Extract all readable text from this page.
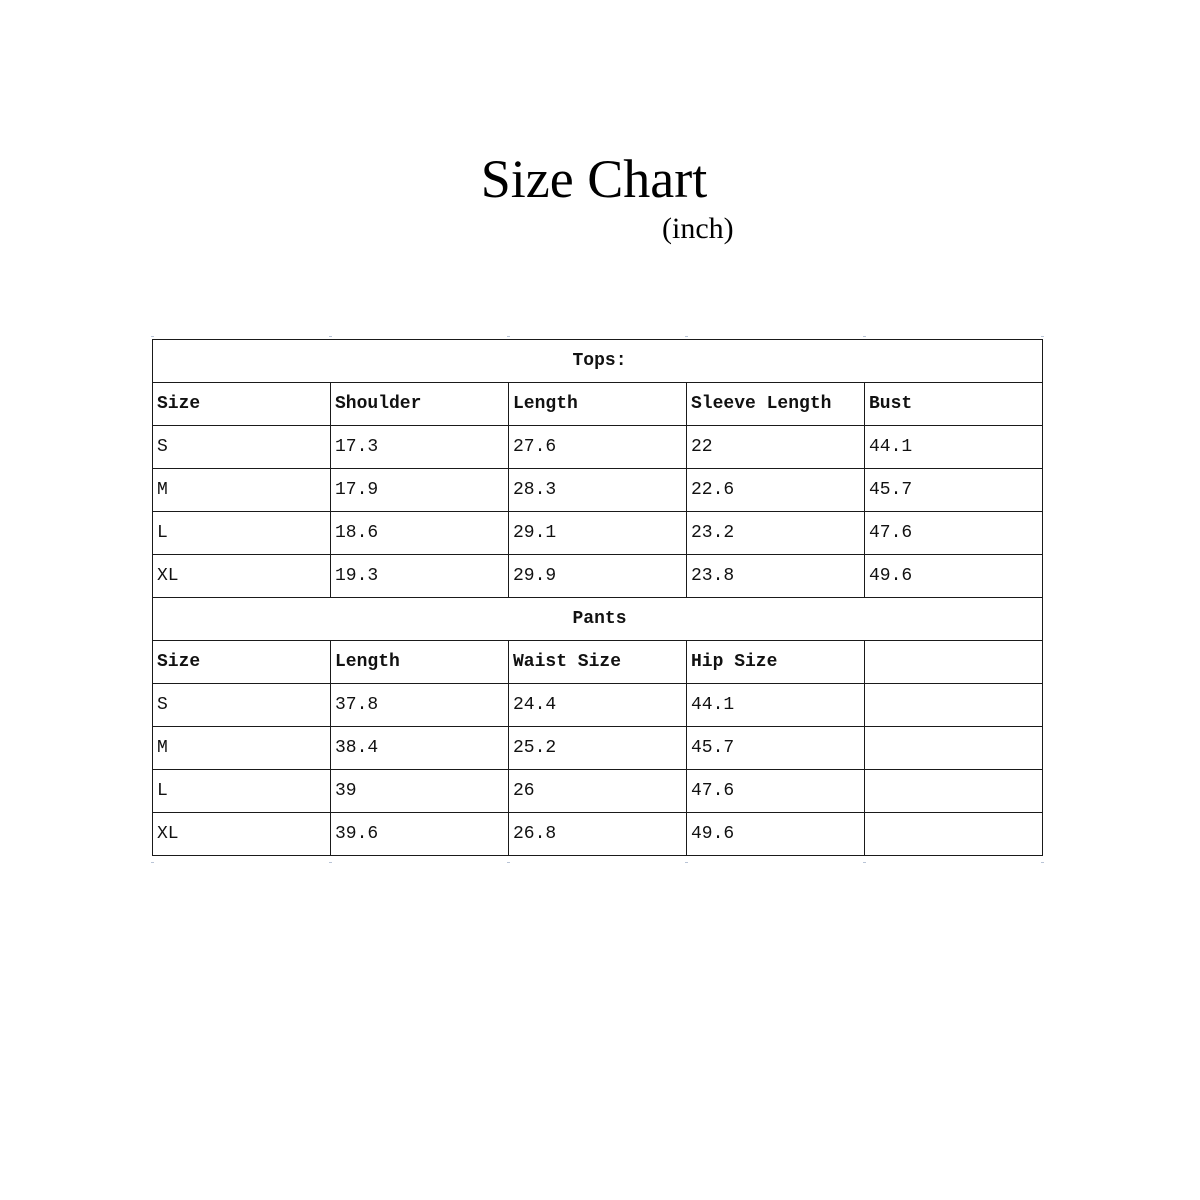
Size Chart
(inch)
Tops:				
Size	Shoulder	Length	Sleeve Length	Bust
S	17.3	27.6	22	44.1
M	17.9	28.3	22.6	45.7
L	18.6	29.1	23.2	47.6
XL	19.3	29.9	23.8	49.6
Pants				
Size	Length	Waist Size	Hip Size	
S	37.8	24.4	44.1	
M	38.4	25.2	45.7	
L	39	26	47.6	
XL	39.6	26.8	49.6	
